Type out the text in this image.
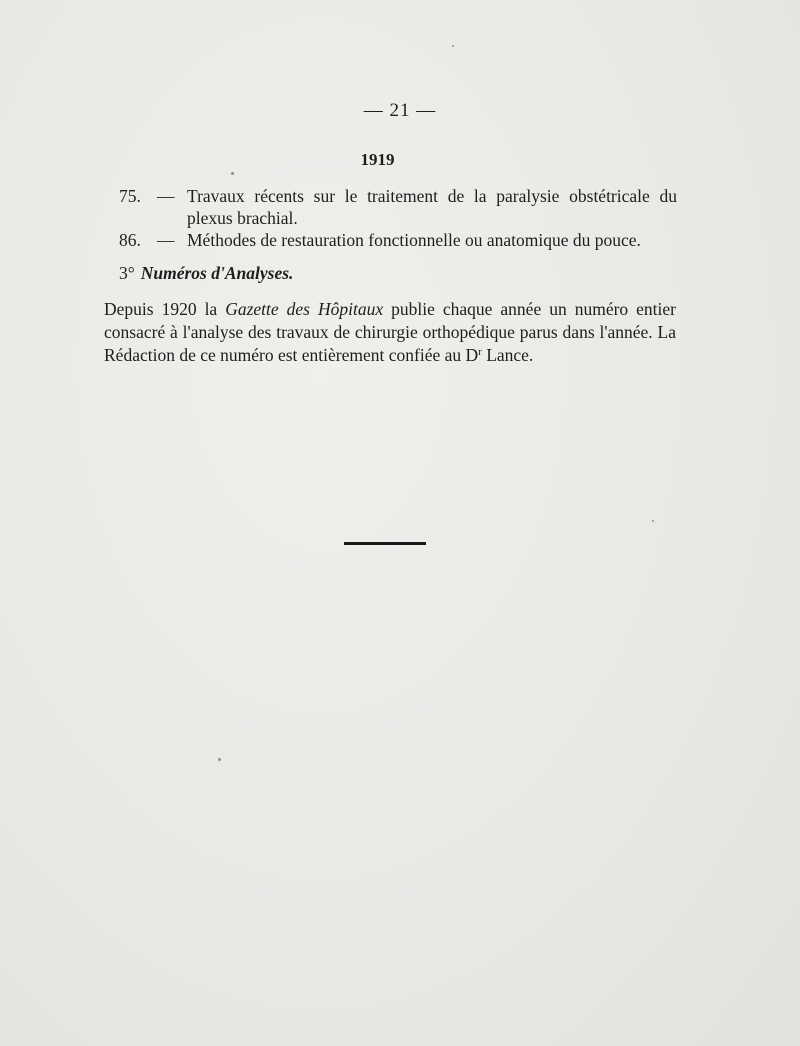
— 21 —
1919
75. — Travaux récents sur le traitement de la paralysie obstétricale du plexus brachial.
86. — Méthodes de restauration fonctionnelle ou anatomique du pouce.
3° Numéros d'Analyses.
Depuis 1920 la Gazette des Hôpitaux publie chaque année un numéro entier consacré à l'analyse des travaux de chirurgie orthopédique parus dans l'année. La Rédaction de ce numéro est entièrement confiée au $D^r$ Lance.
